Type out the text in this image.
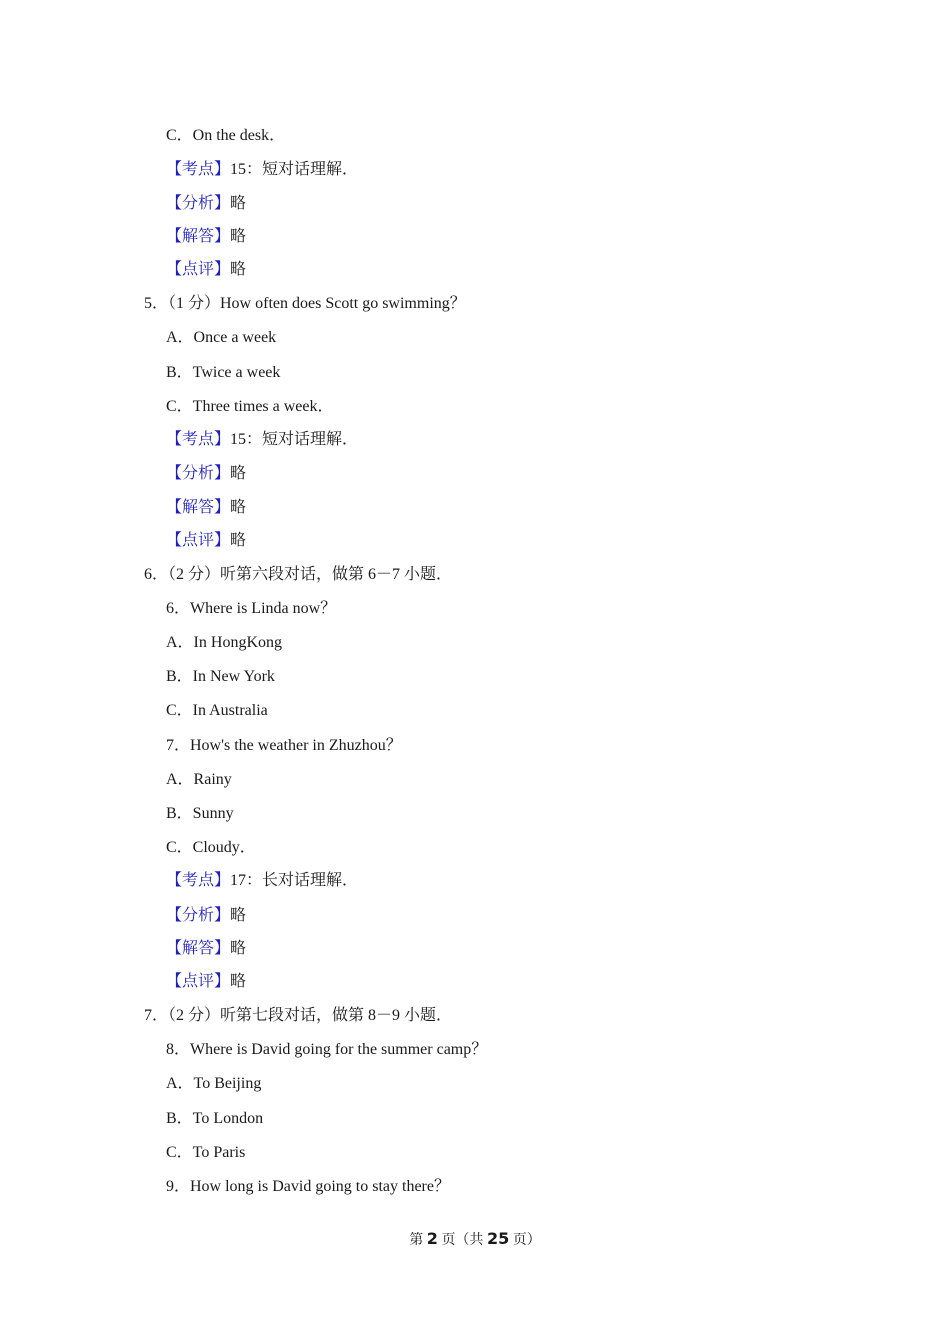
C．On the desk．
【考点】15：短对话理解．
【分析】略
【解答】略
【点评】略
5．（1 分）How often does Scott go swimming？
A．Once a week
B．Twice a week
C．Three times a week．
【考点】15：短对话理解．
【分析】略
【解答】略
【点评】略
6．（2 分）听第六段对话，做第 6－7 小题．
6．Where is Linda now？
A．In HongKong
B．In New York
C．In Australia
7．How's the weather in Zhuzhou？
A．Rainy
B．Sunny
C．Cloudy．
【考点】17：长对话理解．
【分析】略
【解答】略
【点评】略
7．（2 分）听第七段对话，做第 8－9 小题．
8．Where is David going for the summer camp？
A．To Beijing
B．To London
C．To Paris
9．How long is David going to stay there？
第 2 页（共 25 页）
